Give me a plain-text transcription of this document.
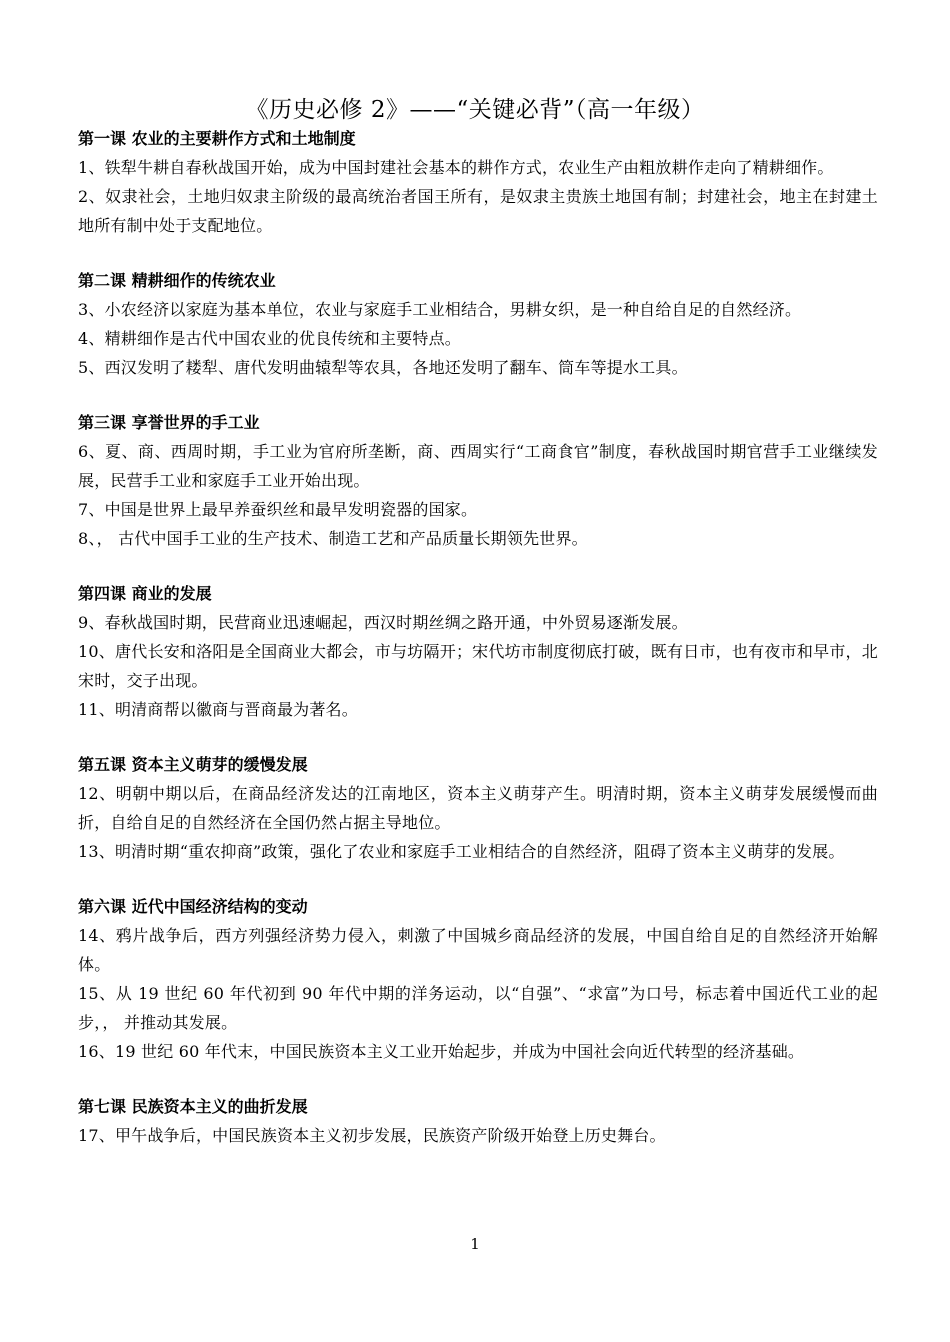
《历史必修 2》——“关键必背”（高一年级）
第一课 农业的主要耕作方式和土地制度

1、铁犁牛耕自春秋战国开始，成为中国封建社会基本的耕作方式，农业生产由粗放耕作走向了精耕细作。

2、奴隶社会，土地归奴隶主阶级的最高统治者国王所有，是奴隶主贵族土地国有制；封建社会，地主在封建土地所有制中处于支配地位。

第二课 精耕细作的传统农业

3、小农经济以家庭为基本单位，农业与家庭手工业相结合，男耕女织，是一种自给自足的自然经济。

4、精耕细作是古代中国农业的优良传统和主要特点。

5、西汉发明了耧犁、唐代发明曲辕犁等农具，各地还发明了翻车、筒车等提水工具。

第三课 享誉世界的手工业

6、夏、商、西周时期，手工业为官府所垄断，商、西周实行“工商食官”制度，春秋战国时期官营手工业继续发展，民营手工业和家庭手工业开始出现。

7、中国是世界上最早养蚕织丝和最早发明瓷器的国家。

8、， 古代中国手工业的生产技术、制造工艺和产品质量长期领先世界。

第四课 商业的发展

9、春秋战国时期，民营商业迅速崛起，西汉时期丝绸之路开通，中外贸易逐渐发展。

10、唐代长安和洛阳是全国商业大都会，市与坊隔开；宋代坊市制度彻底打破，既有日市，也有夜市和早市，北宋时，交子出现。

11、明清商帮以徽商与晋商最为著名。

第五课 资本主义萌芽的缓慢发展

12、明朝中期以后，在商品经济发达的江南地区，资本主义萌芽产生。明清时期，资本主义萌芽发展缓慢而曲折，自给自足的自然经济在全国仍然占据主导地位。

13、明清时期“重农抑商”政策，强化了农业和家庭手工业相结合的自然经济，阻碍了资本主义萌芽的发展。

第六课 近代中国经济结构的变动

14、鸦片战争后，西方列强经济势力侵入，刺激了中国城乡商品经济的发展，中国自给自足的自然经济开始解体。

15、从 19 世纪 60 年代初到 90 年代中期的洋务运动，以“自强”、“求富”为口号，标志着中国近代工业的起步，， 并推动其发展。

16、19 世纪 60 年代末，中国民族资本主义工业开始起步，并成为中国社会向近代转型的经济基础。

第七课 民族资本主义的曲折发展

17、甲午战争后，中国民族资本主义初步发展，民族资产阶级开始登上历史舞台。

1
